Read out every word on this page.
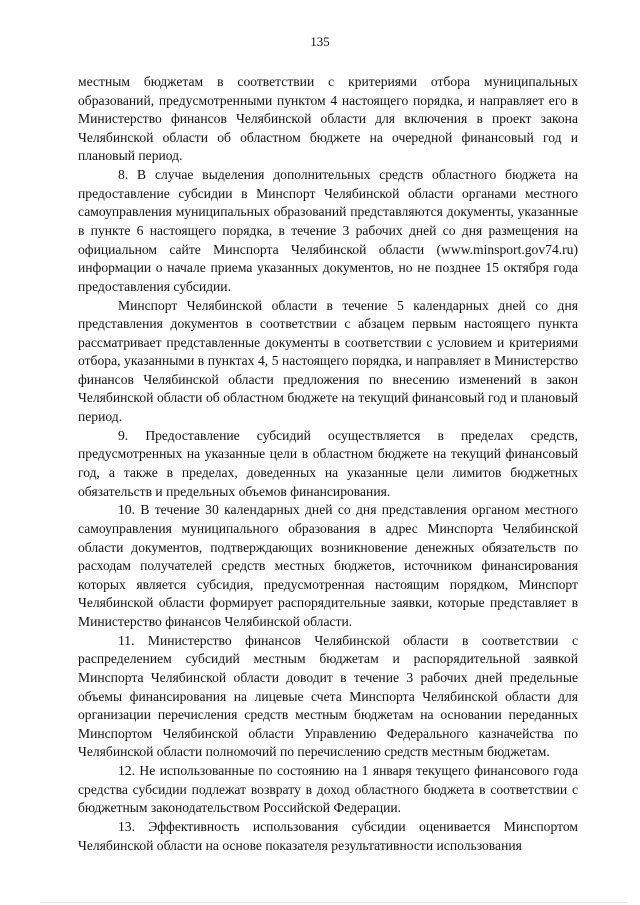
135

местным бюджетам в соответствии с критериями отбора муниципальных образований, предусмотренными пунктом 4 настоящего порядка, и направляет его в Министерство финансов Челябинской области для включения в проект закона Челябинской области об областном бюджете на очередной финансовый год и плановый период.

8. В случае выделения дополнительных средств областного бюджета на предоставление субсидии в Минспорт Челябинской области органами местного самоуправления муниципальных образований представляются документы, указанные в пункте 6 настоящего порядка, в течение 3 рабочих дней со дня размещения на официальном сайте Минспорта Челябинской области (www.minsport.gov74.ru) информации о начале приема указанных документов, но не позднее 15 октября года предоставления субсидии.

Минспорт Челябинской области в течение 5 календарных дней со дня представления документов в соответствии с абзацем первым настоящего пункта рассматривает представленные документы в соответствии с условием и критериями отбора, указанными в пунктах 4, 5 настоящего порядка, и направляет в Министерство финансов Челябинской области предложения по внесению изменений в закон Челябинской области об областном бюджете на текущий финансовый год и плановый период.

9. Предоставление субсидий осуществляется в пределах средств, предусмотренных на указанные цели в областном бюджете на текущий финансовый год, а также в пределах, доведенных на указанные цели лимитов бюджетных обязательств и предельных объемов финансирования.

10. В течение 30 календарных дней со дня представления органом местного самоуправления муниципального образования в адрес Минспорта Челябинской области документов, подтверждающих возникновение денежных обязательств по расходам получателей средств местных бюджетов, источником финансирования которых является субсидия, предусмотренная настоящим порядком, Минспорт Челябинской области формирует распорядительные заявки, которые представляет в Министерство финансов Челябинской области.

11. Министерство финансов Челябинской области в соответствии с распределением субсидий местным бюджетам и распорядительной заявкой Минспорта Челябинской области доводит в течение 3 рабочих дней предельные объемы финансирования на лицевые счета Минспорта Челябинской области для организации перечисления средств местным бюджетам на основании переданных Минспортом Челябинской области Управлению Федерального казначейства по Челябинской области полномочий по перечислению средств местным бюджетам.

12. Не использованные по состоянию на 1 января текущего финансового года средства субсидии подлежат возврату в доход областного бюджета в соответствии с бюджетным законодательством Российской Федерации.

13. Эффективность использования субсидии оценивается Минспортом Челябинской области на основе показателя результативности использования
